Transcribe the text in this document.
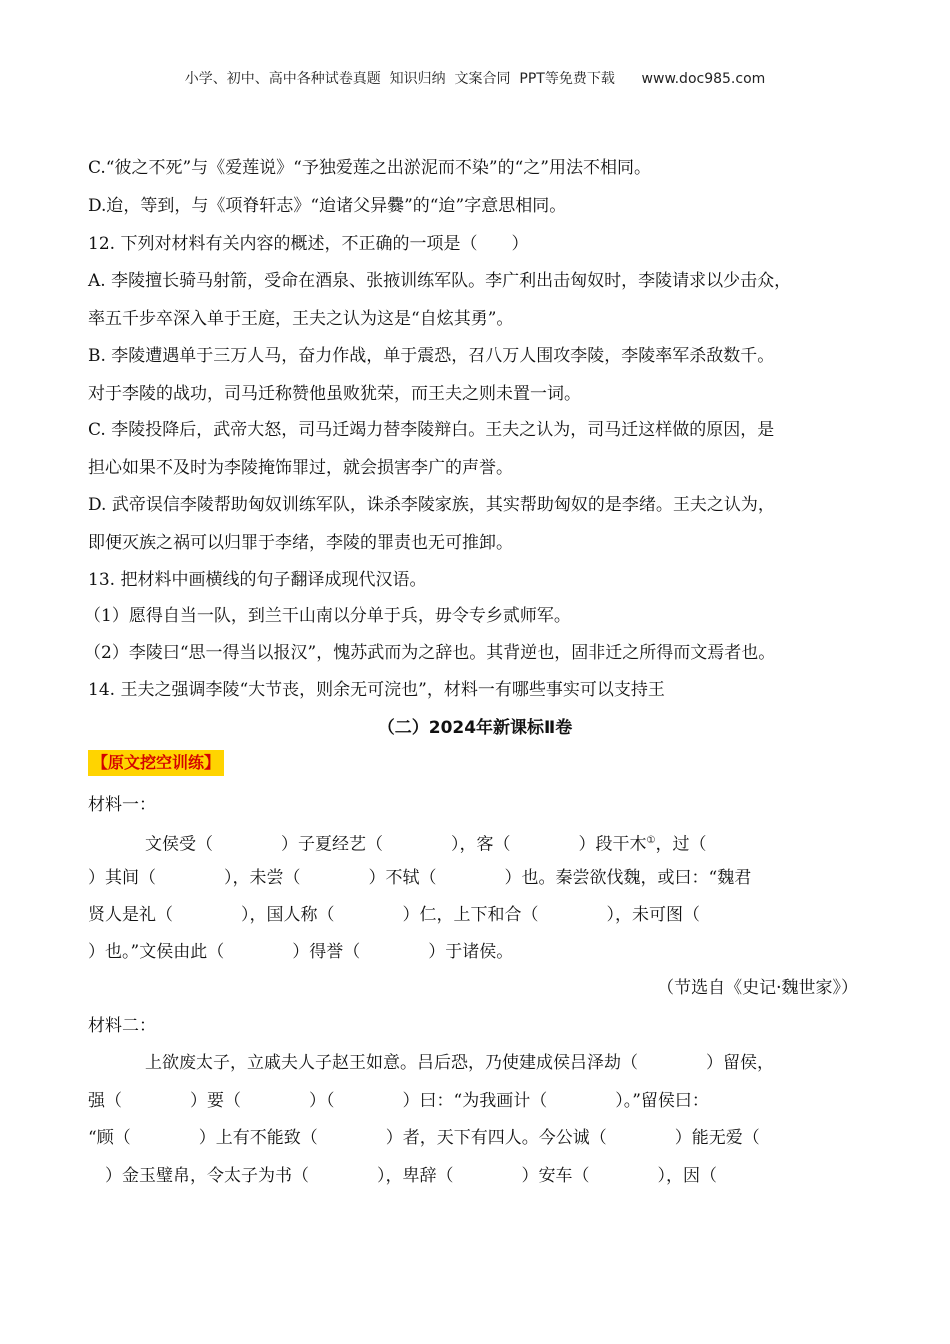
小学、初中、高中各种试卷真题  知识归纳  文案合同  PPT等免费下载      www.doc985.com
C.“彼之不死”与《爱莲说》“予独爱莲之出淤泥而不染”的“之”用法不相同。
D.迨，等到，与《项脊轩志》“迨诸父异爨”的“迨”字意思相同。
12. 下列对材料有关内容的概述，不正确的一项是（　　）
A. 李陵擅长骑马射箭，受命在酒泉、张掖训练军队。李广利出击匈奴时，李陵请求以少击众，
率五千步卒深入单于王庭，王夫之认为这是“自炫其勇”。
B. 李陵遭遇单于三万人马，奋力作战，单于震恐，召八万人围攻李陵，李陵率军杀敌数千。
对于李陵的战功，司马迁称赞他虽败犹荣，而王夫之则未置一词。
C. 李陵投降后，武帝大怒，司马迁竭力替李陵辩白。王夫之认为，司马迁这样做的原因，是
担心如果不及时为李陵掩饰罪过，就会损害李广的声誉。
D. 武帝误信李陵帮助匈奴训练军队，诛杀李陵家族，其实帮助匈奴的是李绪。王夫之认为，
即便灭族之祸可以归罪于李绪，李陵的罪责也无可推卸。
13. 把材料中画横线的句子翻译成现代汉语。
（1）愿得自当一队，到兰干山南以分单于兵，毋令专乡贰师军。
（2）李陵曰“思一得当以报汉”，愧苏武而为之辞也。其背逆也，固非迁之所得而文焉者也。
14. 王夫之强调李陵“大节丧，则余无可浣也”，材料一有哪些事实可以支持王
（二）2024年新课标Ⅱ卷
【原文挖空训练】
材料一：
文侯受（　　　　）子夏经艺（　　　　），客（　　　　）段干木①，过（
）其间（　　　　），未尝（　　　　）不轼（　　　　）也。秦尝欲伐魏，或曰：“魏君
贤人是礼（　　　　），国人称（　　　　）仁，上下和合（　　　　），未可图（
）也。”文侯由此（　　　　）得誉（　　　　）于诸侯。
（节选自《史记·魏世家》）
材料二：
上欲废太子，立戚夫人子赵王如意。吕后恐，乃使建成侯吕泽劫（　　　　）留侯，
强（　　　　）要（　　　　）（　　　　）曰：“为我画计（　　　　）。”留侯曰：
“顾（　　　　）上有不能致（　　　　）者，天下有四人。今公诚（　　　　）能无爱（
　）金玉璧帛，令太子为书（　　　　），卑辞（　　　　）安车（　　　　），因（
